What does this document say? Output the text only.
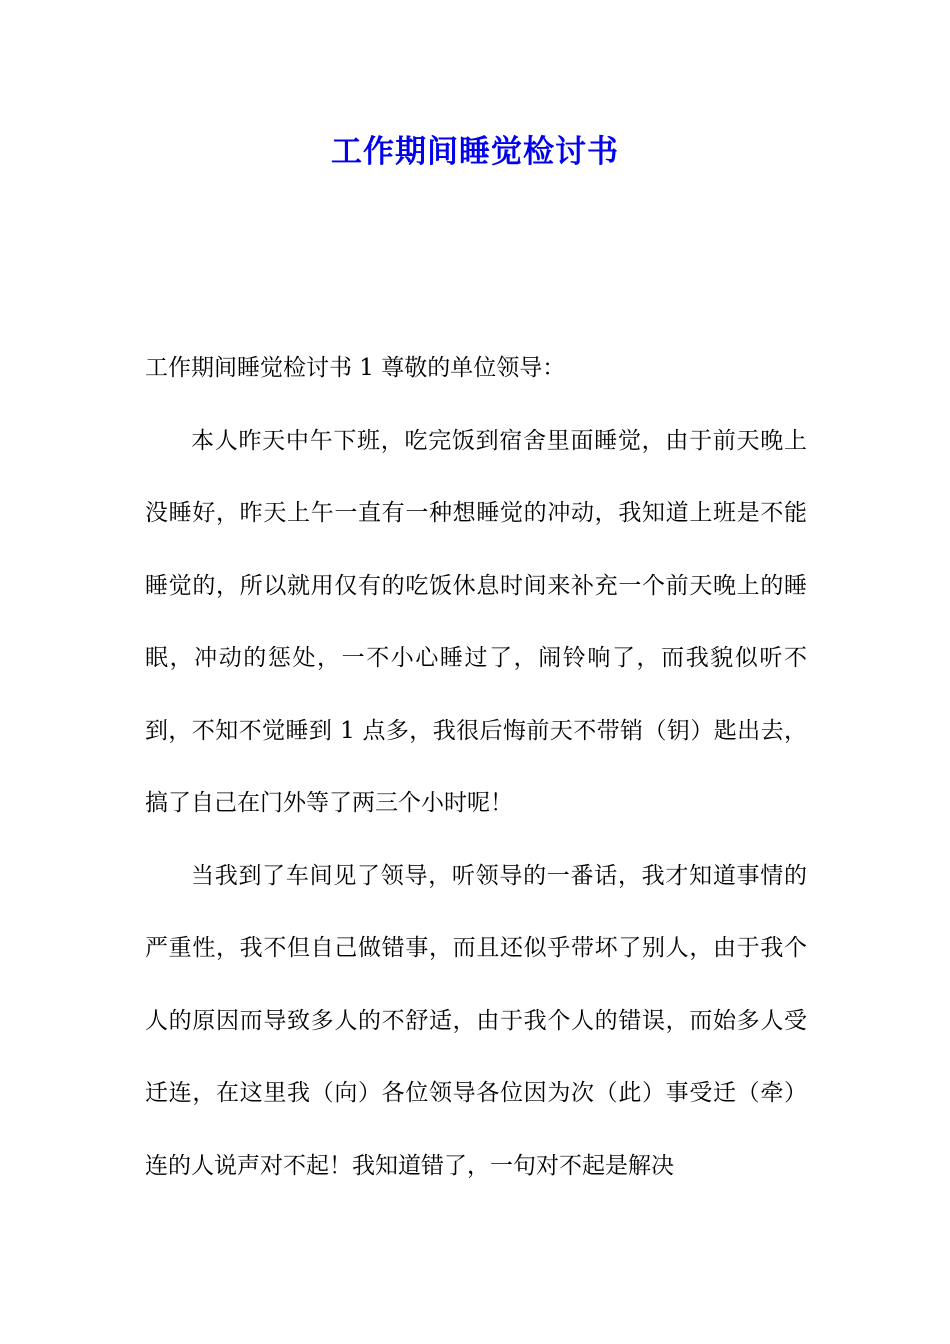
工作期间睡觉检讨书

工作期间睡觉检讨书 1 尊敬的单位领导：

本人昨天中午下班，吃完饭到宿舍里面睡觉，由于前天晚上没睡好，昨天上午一直有一种想睡觉的冲动，我知道上班是不能睡觉的，所以就用仅有的吃饭休息时间来补充一个前天晚上的睡眠，冲动的惩处，一不小心睡过了，闹铃响了，而我貌似听不到，不知不觉睡到 1 点多，我很后悔前天不带销（钥）匙出去，搞了自己在门外等了两三个小时呢！

当我到了车间见了领导，听领导的一番话，我才知道事情的严重性，我不但自己做错事，而且还似乎带坏了别人，由于我个人的原因而导致多人的不舒适，由于我个人的错误，而始多人受迁连，在这里我（向）各位领导各位因为次（此）事受迁（牵）连的人说声对不起！我知道错了，一句对不起是解决
